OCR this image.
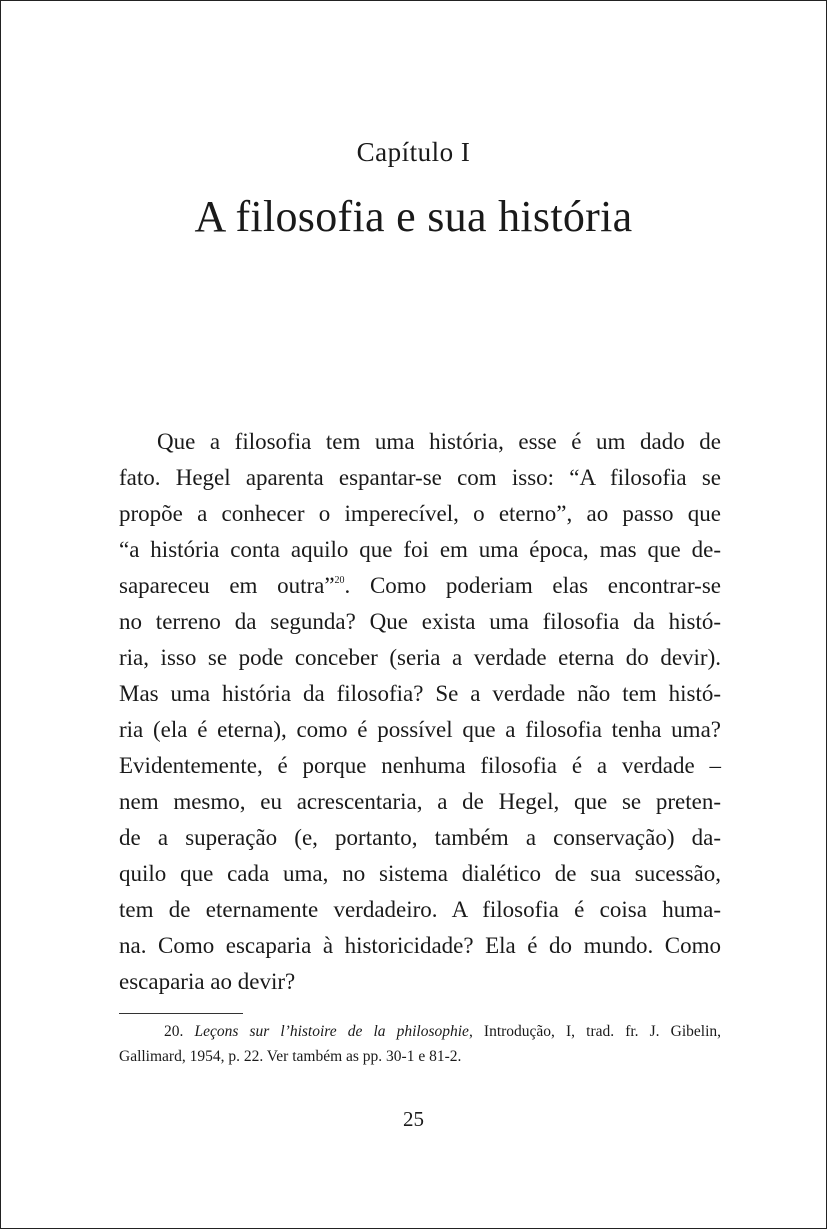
Capítulo I
A filosofia e sua história
Que a filosofia tem uma história, esse é um dado de
fato. Hegel aparenta espantar-se com isso: “A filosofia se
propõe a conhecer o imperecível, o eterno”, ao passo que
“a história conta aquilo que foi em uma época, mas que de-
sapareceu em outra”$^{20}$. Como poderiam elas encontrar-se
no terreno da segunda? Que exista uma filosofia da histó-
ria, isso se pode conceber (seria a verdade eterna do devir).
Mas uma história da filosofia? Se a verdade não tem histó-
ria (ela é eterna), como é possível que a filosofia tenha uma?
Evidentemente, é porque nenhuma filosofia é a verdade –
nem mesmo, eu acrescentaria, a de Hegel, que se preten-
de a superação (e, portanto, também a conservação) da-
quilo que cada uma, no sistema dialético de sua sucessão,
tem de eternamente verdadeiro. A filosofia é coisa huma-
na. Como escaparia à historicidade? Ela é do mundo. Como
escaparia ao devir?
20. Leçons sur l’histoire de la philosophie, Introdução, I, trad. fr. J. Gibelin,
Gallimard, 1954, p. 22. Ver também as pp. 30-1 e 81-2.
25
